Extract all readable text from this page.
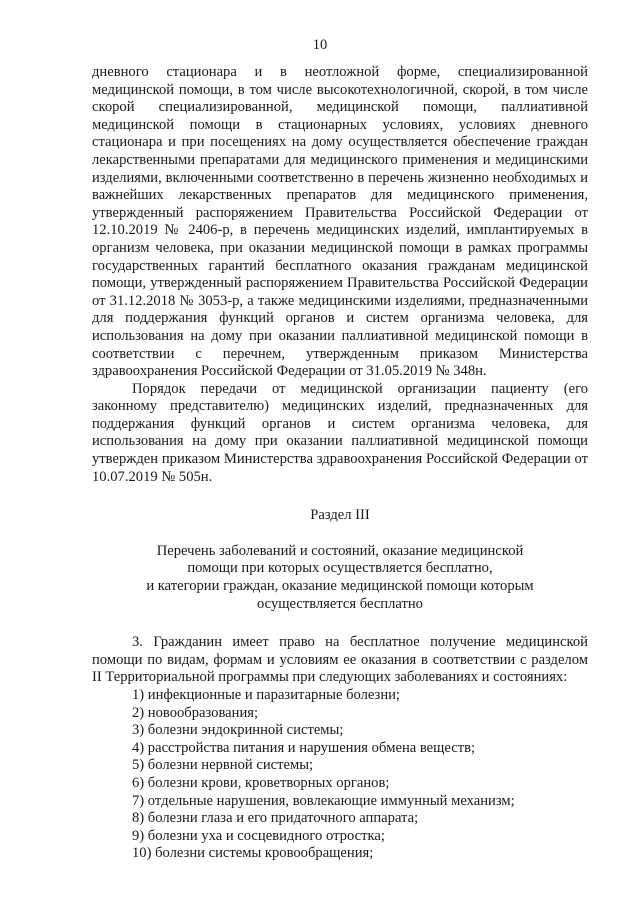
10

дневного стационара и в неотложной форме, специализированной медицинской помощи, в том числе высокотехнологичной, скорой, в том числе скорой специализированной, медицинской помощи, паллиативной медицинской помощи в стационарных условиях, условиях дневного стационара и при посещениях на дому осуществляется обеспечение граждан лекарственными препаратами для медицинского применения и медицинскими изделиями, включенными соответственно в перечень жизненно необходимых и важнейших лекарственных препаратов для медицинского применения, утвержденный распоряжением Правительства Российской Федерации от 12.10.2019 № 2406-р, в перечень медицинских изделий, имплантируемых в организм человека, при оказании медицинской помощи в рамках программы государственных гарантий бесплатного оказания гражданам медицинской помощи, утвержденный распоряжением Правительства Российской Федерации от 31.12.2018 № 3053-р, а также медицинскими изделиями, предназначенными для поддержания функций органов и систем организма человека, для использования на дому при оказании паллиативной медицинской помощи в соответствии с перечнем, утвержденным приказом Министерства здравоохранения Российской Федерации от 31.05.2019 № 348н.

Порядок передачи от медицинской организации пациенту (его законному представителю) медицинских изделий, предназначенных для поддержания функций органов и систем организма человека, для использования на дому при оказании паллиативной медицинской помощи утвержден приказом Министерства здравоохранения Российской Федерации от 10.07.2019 № 505н.

Раздел III
Перечень заболеваний и состояний, оказание медицинской
помощи при которых осуществляется бесплатно,
и категории граждан, оказание медицинской помощи которым
осуществляется бесплатно

3. Гражданин имеет право на бесплатное получение медицинской помощи по видам, формам и условиям ее оказания в соответствии с разделом II Территориальной программы при следующих заболеваниях и состояниях:

1) инфекционные и паразитарные болезни;
2) новообразования;
3) болезни эндокринной системы;
4) расстройства питания и нарушения обмена веществ;
5) болезни нервной системы;
6) болезни крови, кроветворных органов;
7) отдельные нарушения, вовлекающие иммунный механизм;
8) болезни глаза и его придаточного аппарата;
9) болезни уха и сосцевидного отростка;
10) болезни системы кровообращения;
